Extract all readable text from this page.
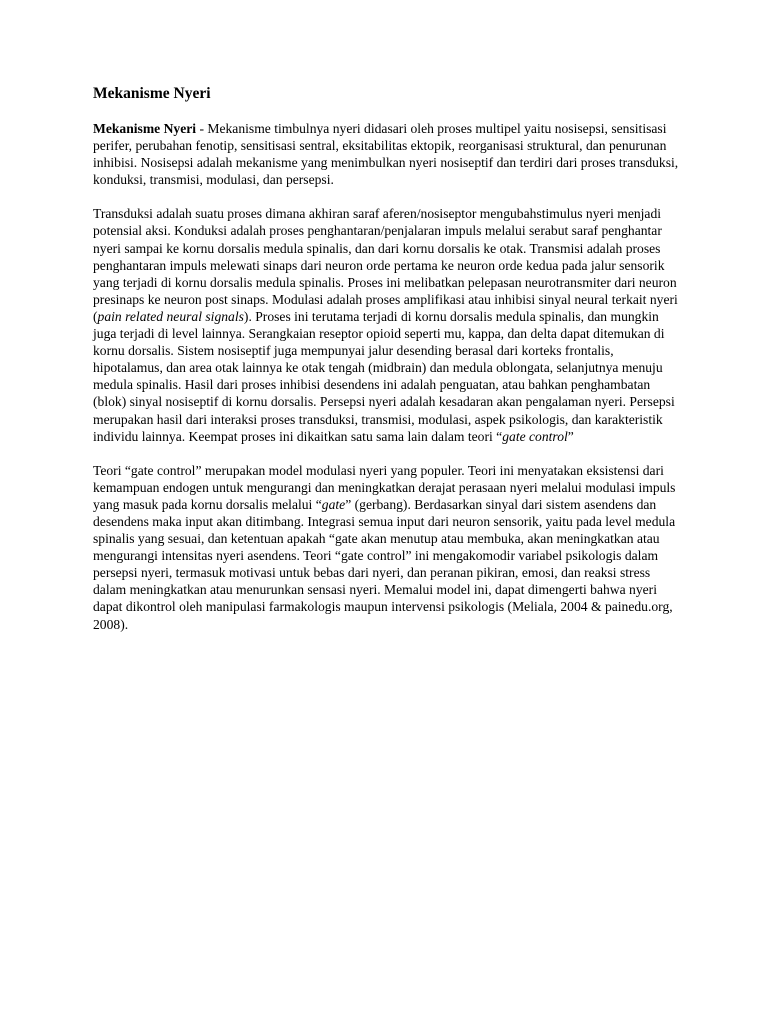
Mekanisme Nyeri

Mekanisme Nyeri - Mekanisme timbulnya nyeri didasari oleh proses multipel yaitu nosisepsi, sensitisasi perifer, perubahan fenotip, sensitisasi sentral, eksitabilitas ektopik, reorganisasi struktural, dan penurunan inhibisi. Nosisepsi adalah mekanisme yang menimbulkan nyeri nosiseptif dan terdiri dari proses transduksi, konduksi, transmisi, modulasi, dan persepsi.

Transduksi adalah suatu proses dimana akhiran saraf aferen/nosiseptor mengubahstimulus nyeri menjadi potensial aksi. Konduksi adalah proses penghantaran/penjalaran impuls melalui serabut saraf penghantar nyeri sampai ke kornu dorsalis medula spinalis, dan dari kornu dorsalis ke otak. Transmisi adalah proses penghantaran impuls melewati sinaps dari neuron orde pertama ke neuron orde kedua pada jalur sensorik yang terjadi di kornu dorsalis medula spinalis. Proses ini melibatkan pelepasan neurotransmiter dari neuron presinaps ke neuron post sinaps. Modulasi adalah proses amplifikasi atau inhibisi sinyal neural terkait nyeri (pain related neural signals). Proses ini terutama terjadi di kornu dorsalis medula spinalis, dan mungkin juga terjadi di level lainnya. Serangkaian reseptor opioid seperti mu, kappa, dan delta dapat ditemukan di kornu dorsalis. Sistem nosiseptif juga mempunyai jalur desending berasal dari korteks frontalis, hipotalamus, dan area otak lainnya ke otak tengah (midbrain) dan medula oblongata, selanjutnya menuju medula spinalis. Hasil dari proses inhibisi desendens ini adalah penguatan, atau bahkan penghambatan (blok) sinyal nosiseptif di kornu dorsalis. Persepsi nyeri adalah kesadaran akan pengalaman nyeri. Persepsi merupakan hasil dari interaksi proses transduksi, transmisi, modulasi, aspek psikologis, dan karakteristik individu lainnya. Keempat proses ini dikaitkan satu sama lain dalam teori “gate control”

Teori “gate control” merupakan model modulasi nyeri yang populer. Teori ini menyatakan eksistensi dari kemampuan endogen untuk mengurangi dan meningkatkan derajat perasaan nyeri melalui modulasi impuls yang masuk pada kornu dorsalis melalui “gate” (gerbang). Berdasarkan sinyal dari sistem asendens dan desendens maka input akan ditimbang. Integrasi semua input dari neuron sensorik, yaitu pada level medula spinalis yang sesuai, dan ketentuan apakah “gate akan menutup atau membuka, akan meningkatkan atau mengurangi intensitas nyeri asendens. Teori “gate control” ini mengakomodir variabel psikologis dalam persepsi nyeri, termasuk motivasi untuk bebas dari nyeri, dan peranan pikiran, emosi, dan reaksi stress dalam meningkatkan atau menurunkan sensasi nyeri. Memalui model ini, dapat dimengerti bahwa nyeri dapat dikontrol oleh manipulasi farmakologis maupun intervensi psikologis (Meliala, 2004 & painedu.org, 2008).
